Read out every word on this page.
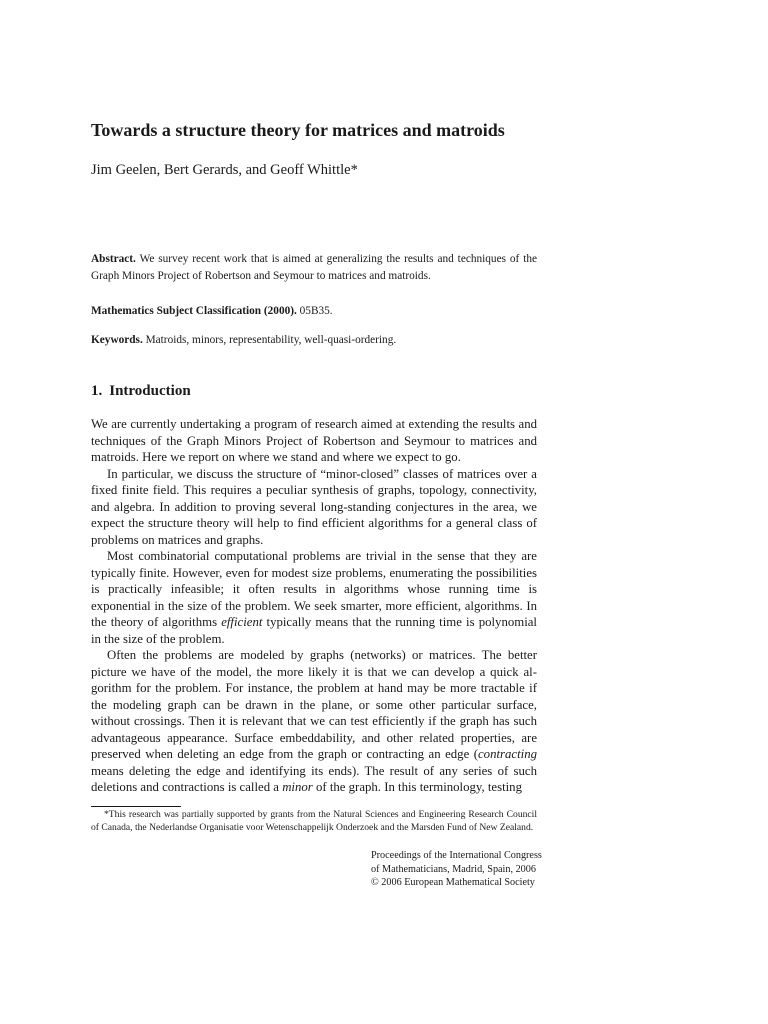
Towards a structure theory for matrices and matroids
Jim Geelen, Bert Gerards, and Geoff Whittle*

Abstract. We survey recent work that is aimed at generalizing the results and techniques of the Graph Minors Project of Robertson and Seymour to matrices and matroids.

Mathematics Subject Classification (2000). 05B35.

Keywords. Matroids, minors, representability, well-quasi-ordering.

1. Introduction

We are currently undertaking a program of research aimed at extending the results and techniques of the Graph Minors Project of Robertson and Seymour to matrices and matroids. Here we report on where we stand and where we expect to go.

In particular, we discuss the structure of “minor-closed” classes of matrices over a fixed finite field. This requires a peculiar synthesis of graphs, topology, connectivity, and algebra. In addition to proving several long-standing conjectures in the area, we expect the structure theory will help to find efficient algorithms for a general class of problems on matrices and graphs.

Most combinatorial computational problems are trivial in the sense that they are typically finite. However, even for modest size problems, enumerating the possibilities is practically infeasible; it often results in algorithms whose running time is exponential in the size of the problem. We seek smarter, more efficient, algorithms. In the theory of algorithms efficient typically means that the running time is polynomial in the size of the problem.

Often the problems are modeled by graphs (networks) or matrices. The better picture we have of the model, the more likely it is that we can develop a quick algorithm for the problem. For instance, the problem at hand may be more tractable if the modeling graph can be drawn in the plane, or some other particular surface, without crossings. Then it is relevant that we can test efficiently if the graph has such advantageous appearance. Surface embeddability, and other related properties, are preserved when deleting an edge from the graph or contracting an edge (contracting means deleting the edge and identifying its ends). The result of any series of such deletions and contractions is called a minor of the graph. In this terminology, testing

*This research was partially supported by grants from the Natural Sciences and Engineering Research Council of Canada, the Nederlandse Organisatie voor Wetenschappelijk Onderzoek and the Marsden Fund of New Zealand.

Proceedings of the International Congress
of Mathematicians, Madrid, Spain, 2006
© 2006 European Mathematical Society
